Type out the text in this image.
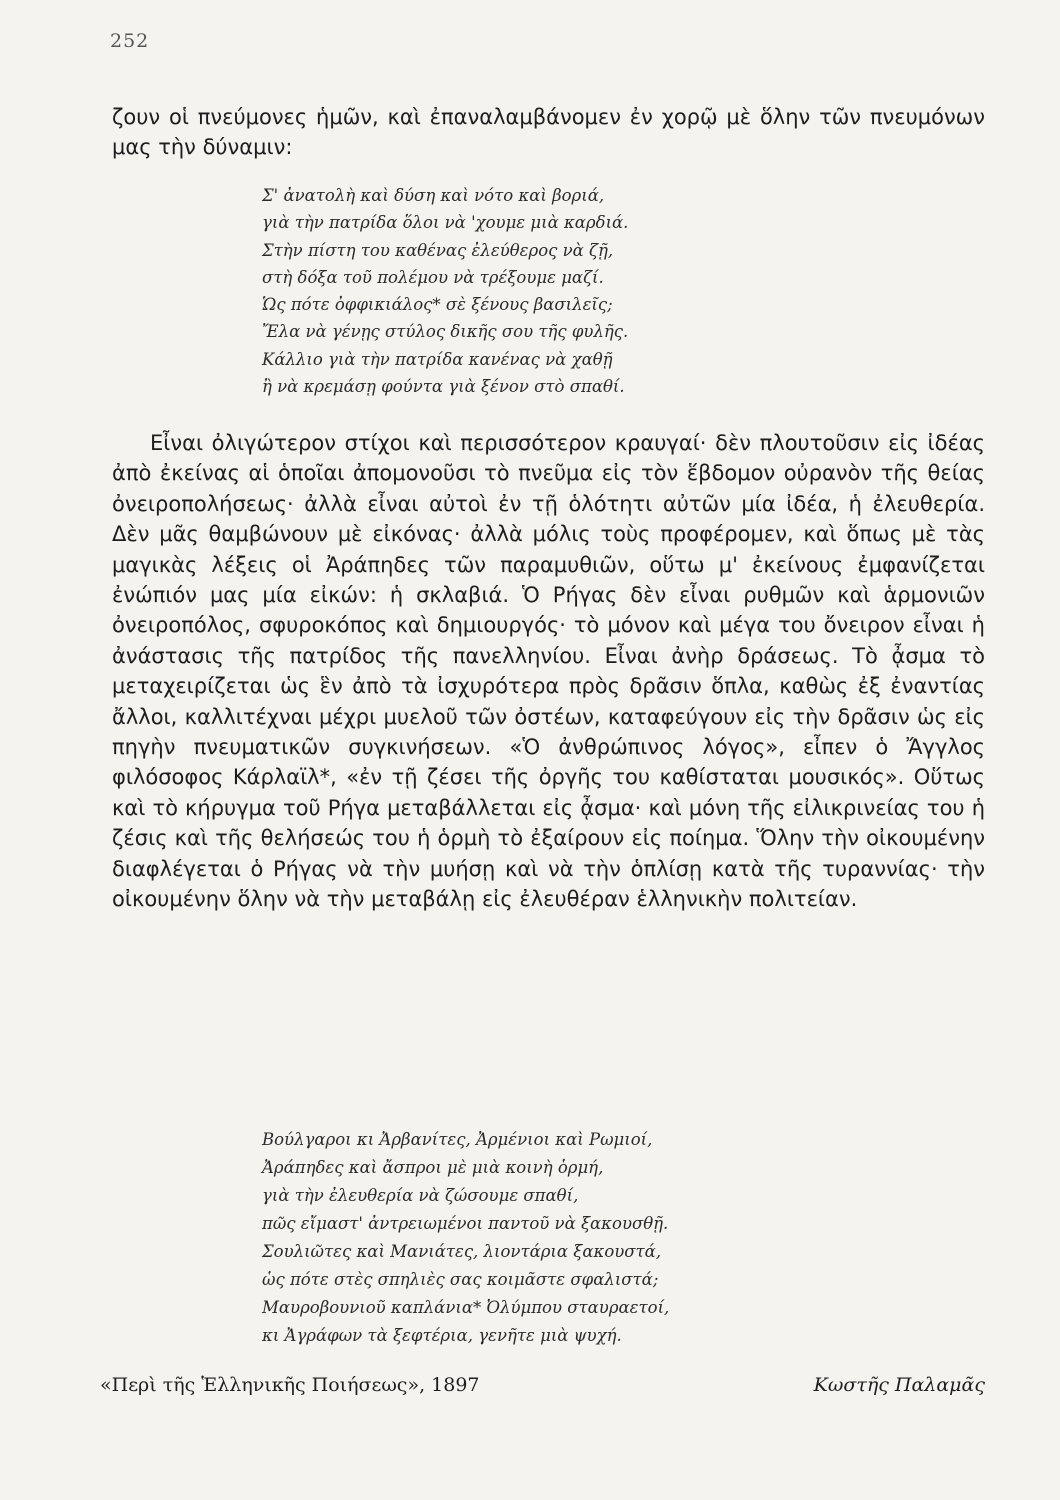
252

ζουν οἱ πνεύμονες ἡμῶν, καὶ ἐπαναλαμβάνομεν ἐν χορῷ μὲ ὅλην τῶν πνευμόνων μας τὴν δύναμιν:

Σ' ἀνατολὴ καὶ δύση καὶ νότο καὶ βοριά,
γιὰ τὴν πατρίδα ὅλοι νὰ 'χουμε μιὰ καρδιά.
Στὴν πίστη του καθένας ἐλεύθερος νὰ ζῇ,
στὴ δόξα τοῦ πολέμου νὰ τρέξουμε μαζί.
Ὡς πότε ὀφφικιάλος* σὲ ξένους βασιλεῖς;
Ἔλα νὰ γένῃς στύλος δικῆς σου τῆς φυλῆς.
Κάλλιο γιὰ τὴν πατρίδα κανένας νὰ χαθῇ
ἢ νὰ κρεμάσῃ φούντα γιὰ ξένον στὸ σπαθί.

Εἶναι ὀλιγώτερον στίχοι καὶ περισσότερον κραυγαί· δὲν πλουτοῦσιν εἰς ἰδέας ἀπὸ ἐκείνας αἱ ὁποῖαι ἀπομονοῦσι τὸ πνεῦμα εἰς τὸν ἕβδομον οὐρανὸν τῆς θείας ὀνειροπολήσεως· ἀλλὰ εἶναι αὐτοὶ ἐν τῇ ὁλότητι αὐτῶν μία ἰδέα, ἡ ἐλευθερία. Δὲν μᾶς θαμβώνουν μὲ εἰκόνας· ἀλλὰ μόλις τοὺς προφέρομεν, καὶ ὅπως μὲ τὰς μαγικὰς λέξεις οἱ Ἀράπηδες τῶν παραμυθιῶν, οὕτω μ' ἐκείνους ἐμφανίζεται ἐνώπιόν μας μία εἰκών: ἡ σκλαβιά. Ὁ Ρήγας δὲν εἶναι ρυθμῶν καὶ ἁρμονιῶν ὀνειροπόλος, σφυροκόπος καὶ δημιουργός· τὸ μόνον καὶ μέγα του ὄνειρον εἶναι ἡ ἀνάστασις τῆς πατρίδος τῆς πανελληνίου. Εἶναι ἀνὴρ δράσεως. Τὸ ᾆσμα τὸ μεταχειρίζεται ὡς ἓν ἀπὸ τὰ ἰσχυρότερα πρὸς δρᾶσιν ὅπλα, καθὼς ἐξ ἐναντίας ἄλλοι, καλλιτέχναι μέχρι μυελοῦ τῶν ὀστέων, καταφεύγουν εἰς τὴν δρᾶσιν ὡς εἰς πηγὴν πνευματικῶν συγκινήσεων. «Ὁ ἀνθρώπινος λόγος», εἶπεν ὁ Ἄγγλος φιλόσοφος Κάρλαϊλ*, «ἐν τῇ ζέσει τῆς ὀργῆς του καθίσταται μουσικός». Οὕτως καὶ τὸ κήρυγμα τοῦ Ρήγα μεταβάλλεται εἰς ᾆσμα· καὶ μόνη τῆς εἰλικρινείας του ἡ ζέσις καὶ τῆς θελήσεώς του ἡ ὁρμὴ τὸ ἐξαίρουν εἰς ποίημα. Ὅλην τὴν οἰκουμένην διαφλέγεται ὁ Ρήγας νὰ τὴν μυήσῃ καὶ νὰ τὴν ὁπλίσῃ κατὰ τῆς τυραννίας· τὴν οἰκουμένην ὅλην νὰ τὴν μεταβάλῃ εἰς ἐλευθέραν ἑλληνικὴν πολιτείαν.

Βούλγαροι κι Ἀρβανίτες, Ἀρμένιοι καὶ Ρωμιοί,
Ἀράπηδες καὶ ἄσπροι μὲ μιὰ κοινὴ ὁρμή,
γιὰ τὴν ἐλευθερία νὰ ζώσουμε σπαθί,
πῶς εἴμαστ' ἀντρειωμένοι παντοῦ νὰ ξακουσθῇ.
Σουλιῶτες καὶ Μανιάτες, λιοντάρια ξακουστά,
ὡς πότε στὲς σπηλιὲς σας κοιμᾶστε σφαλιστά;
Μαυροβουνιοῦ καπλάνια* Ὀλύμπου σταυραετοί,
κι Ἀγράφων τὰ ξεφτέρια, γενῆτε μιὰ ψυχή.
«Περὶ τῆς Ἑλληνικῆς Ποιήσεως», 1897	Κωστῆς Παλαμᾶς
